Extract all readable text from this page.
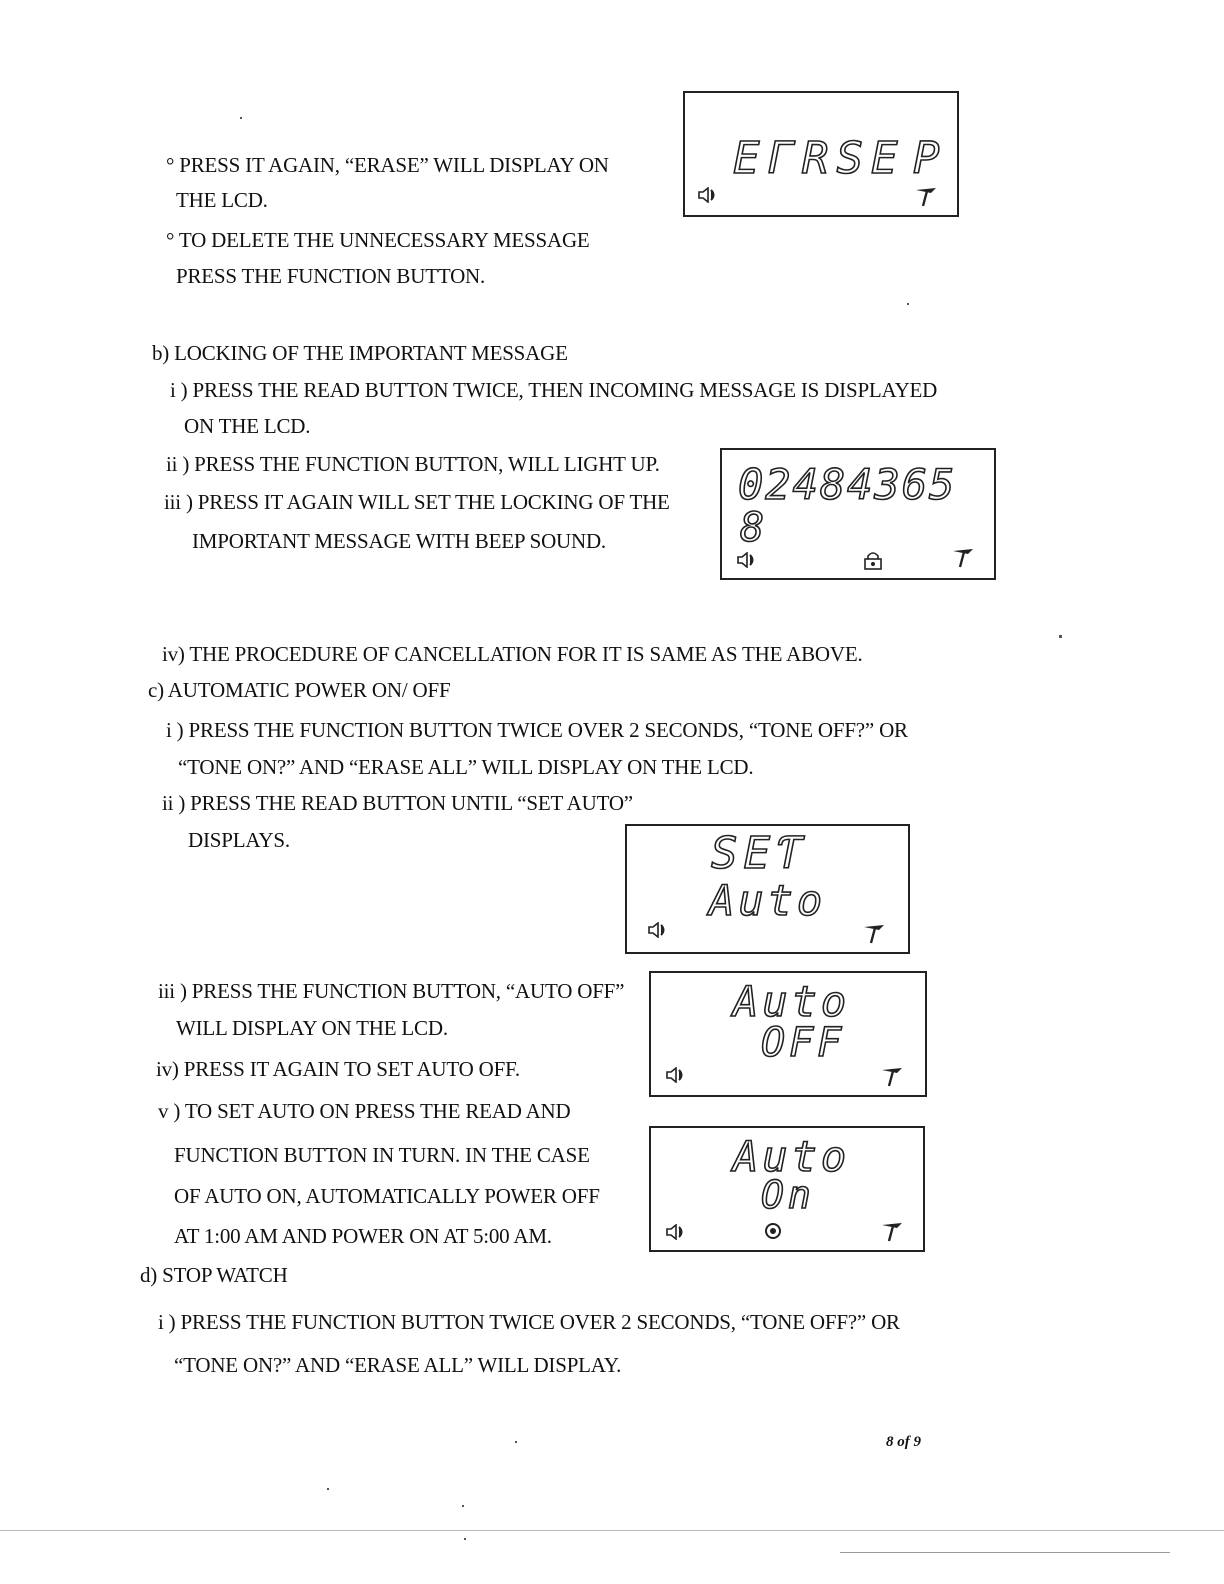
° PRESS IT AGAIN, “ERASE” WILL DISPLAY ON
THE LCD.
° TO DELETE THE UNNECESSARY MESSAGE
PRESS THE FUNCTION BUTTON.
b) LOCKING OF THE IMPORTANT MESSAGE
i ) PRESS THE READ BUTTON TWICE, THEN INCOMING MESSAGE IS DISPLAYED
ON THE LCD.
ii ) PRESS THE FUNCTION BUTTON, WILL LIGHT UP.
iii ) PRESS IT AGAIN WILL SET THE LOCKING OF THE
IMPORTANT MESSAGE WITH BEEP SOUND.
iv) THE PROCEDURE OF CANCELLATION FOR IT IS SAME AS THE ABOVE.
c) AUTOMATIC POWER ON/ OFF
i ) PRESS THE FUNCTION BUTTON TWICE OVER 2 SECONDS, “TONE OFF?” OR
“TONE ON?” AND “ERASE ALL” WILL DISPLAY ON THE LCD.
ii ) PRESS THE READ BUTTON UNTIL “SET AUTO”
DISPLAYS.
iii ) PRESS THE FUNCTION BUTTON, “AUTO OFF”
WILL DISPLAY ON THE LCD.
iv) PRESS IT AGAIN TO SET AUTO OFF.
v ) TO SET AUTO ON PRESS THE READ AND
FUNCTION BUTTON IN TURN. IN THE CASE
OF AUTO ON, AUTOMATICALLY POWER OFF
AT 1:00 AM AND POWER ON AT 5:00 AM.
d) STOP WATCH
i ) PRESS THE FUNCTION BUTTON TWICE OVER 2 SECONDS, “TONE OFF?” OR
“TONE ON?” AND “ERASE ALL” WILL DISPLAY.
EΓRSE P
02484365
8
SEƬ
Auto
Auto
OFF
Auto
On
8 of 9
